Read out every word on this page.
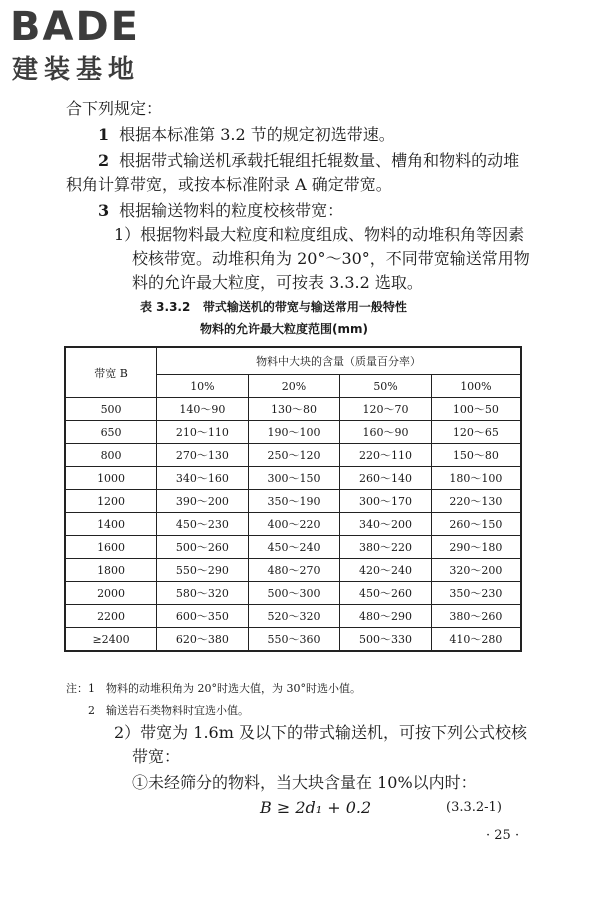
BADE
建装基地
合下列规定：
1 根据本标准第 3.2 节的规定初选带速。
2 根据带式输送机承载托辊组托辊数量、槽角和物料的动堆
积角计算带宽，或按本标准附录 A 确定带宽。
3 根据输送物料的粒度校核带宽：
1）根据物料最大粒度和粒度组成、物料的动堆积角等因素
校核带宽。动堆积角为 20°～30°，不同带宽输送常用物
料的允许最大粒度，可按表 3.3.2 选取。
表 3.3.2 带式输送机的带宽与输送常用一般特性
物料的允许最大粒度范围(mm)
带宽 B	物料中大块的含量（质量百分率）			
	10%	20%	50%	100%
500	140～90	130～80	120～70	100～50
650	210～110	190～100	160～90	120～65
800	270～130	250～120	220～110	150～80
1000	340～160	300～150	260～140	180～100
1200	390～200	350～190	300～170	220～130
1400	450～230	400～220	340～200	260～150
1600	500～260	450～240	380～220	290～180
1800	550～290	480～270	420～240	320～200
2000	580～320	500～300	450～260	350～230
2200	600～350	520～320	480～290	380～260
≥2400	620～380	550～360	500～330	410～280
注：1　物料的动堆积角为 20°时选大值，为 30°时选小值。
2　输送岩石类物料时宜选小值。
2）带宽为 1.6m 及以下的带式输送机，可按下列公式校核
带宽：
①未经筛分的物料，当大块含量在 10%以内时：
B ≥ 2d₁ + 0.2	(3.3.2-1)
· 25 ·
